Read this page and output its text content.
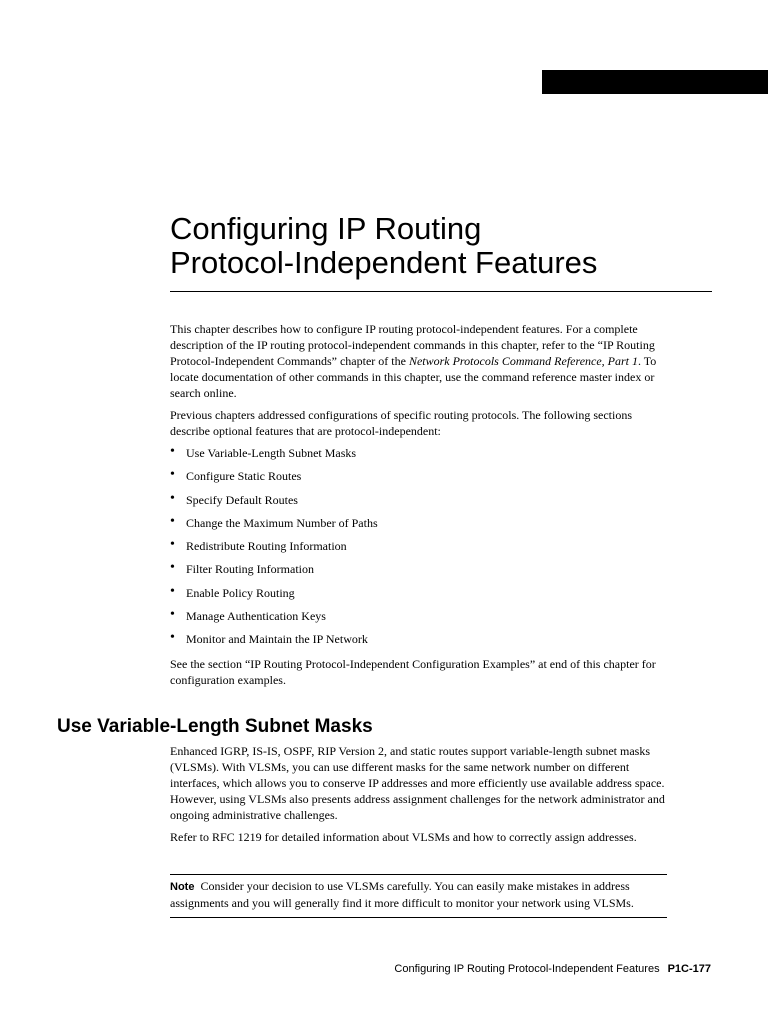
Configuring IP Routing
Protocol-Independent Features

This chapter describes how to configure IP routing protocol-independent features. For a complete description of the IP routing protocol-independent commands in this chapter, refer to the “IP Routing Protocol-Independent Commands” chapter of the Network Protocols Command Reference, Part 1. To locate documentation of other commands in this chapter, use the command reference master index or search online.

Previous chapters addressed configurations of specific routing protocols. The following sections describe optional features that are protocol-independent:

• Use Variable-Length Subnet Masks
• Configure Static Routes
• Specify Default Routes
• Change the Maximum Number of Paths
• Redistribute Routing Information
• Filter Routing Information
• Enable Policy Routing
• Manage Authentication Keys
• Monitor and Maintain the IP Network

See the section “IP Routing Protocol-Independent Configuration Examples” at end of this chapter for configuration examples.

Use Variable-Length Subnet Masks

Enhanced IGRP, IS-IS, OSPF, RIP Version 2, and static routes support variable-length subnet masks (VLSMs). With VLSMs, you can use different masks for the same network number on different interfaces, which allows you to conserve IP addresses and more efficiently use available address space. However, using VLSMs also presents address assignment challenges for the network administrator and ongoing administrative challenges.

Refer to RFC 1219 for detailed information about VLSMs and how to correctly assign addresses.

Note Consider your decision to use VLSMs carefully. You can easily make mistakes in address assignments and you will generally find it more difficult to monitor your network using VLSMs.

Configuring IP Routing Protocol-Independent Features P1C-177
